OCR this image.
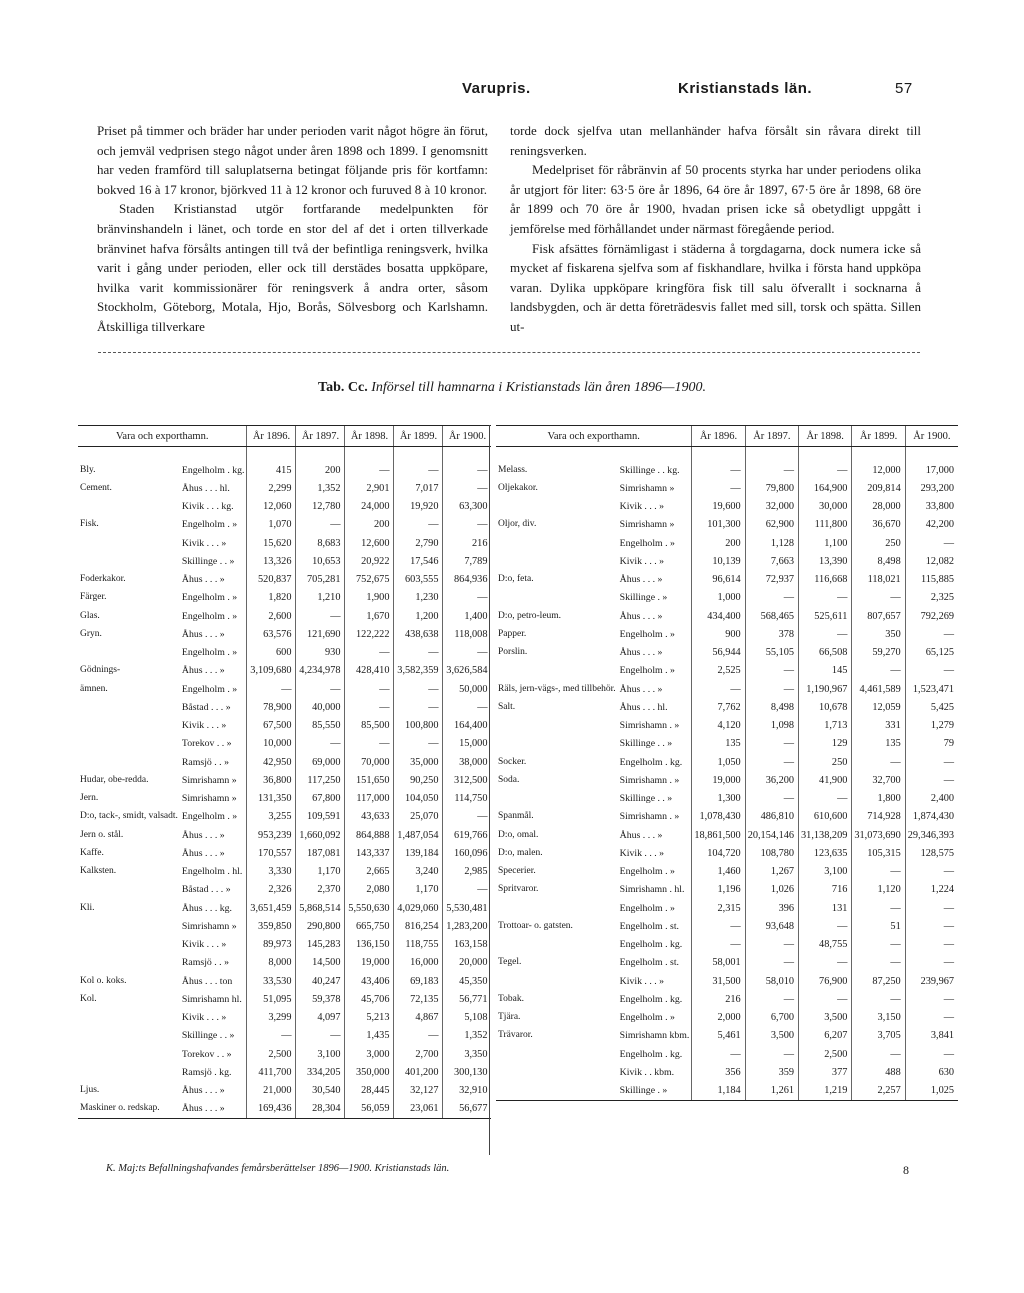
Varupris.	Kristianstads län.	57

Priset på timmer och bräder har under perioden varit något högre än förut, och jemväl vedprisen stego något under åren 1898 och 1899. I genomsnitt har veden framförd till saluplatserna betingat följande pris för kortfamn: bokved 16 à 17 kronor, björkved 11 à 12 kronor och furuved 8 à 10 kronor.

Staden Kristianstad utgör fortfarande medelpunkten för bränvinshandeln i länet, och torde en stor del af det i orten tillverkade bränvinet hafva försålts antingen till två der befintliga reningsverk, hvilka varit i gång under perioden, eller ock till derstädes bosatta uppköpare, hvilka varit kommissionärer för reningsverk å andra orter, såsom Stockholm, Göteborg, Motala, Hjo, Borås, Sölvesborg och Karlshamn. Åtskilliga tillverkare

torde dock sjelfva utan mellanhänder hafva försålt sin råvara direkt till reningsverken.

Medelpriset för råbränvin af 50 procents styrka har under periodens olika år utgjort för liter: 63·5 öre år 1896, 64 öre år 1897, 67·5 öre år 1898, 68 öre år 1899 och 70 öre år 1900, hvadan prisen icke så obetydligt uppgått i jemförelse med förhållandet under närmast föregående period.

Fisk afsättes förnämligast i städerna å torgdagarna, dock numera icke så mycket af fiskarena sjelfva som af fiskhandlare, hvilka i första hand uppköpa varan. Dylika uppköpare kringföra fisk till salu öfverallt i socknarna å landsbygden, och är detta företrädesvis fallet med sill, torsk och spätta. Sillen ut-

Tab. Cc. Införsel till hamnarna i Kristianstads län åren 1896—1900.
Vara och exporthamn.		År 1896.	År 1897.	År 1898.	År 1899.	År 1900.

Bly.	Engelholm . kg.	415	200	—	—	—
Cement.	Åhus . . . hl.	2,299	1,352	2,901	7,017	—
	Kivik . . . kg.	12,060	12,780	24,000	19,920	63,300
Fisk.	Engelholm . »	1,070	—	200	—	—
	Kivik . . . »	15,620	8,683	12,600	2,790	216
	Skillinge . . »	13,326	10,653	20,922	17,546	7,789
Foderkakor.	Åhus . . . »	520,837	705,281	752,675	603,555	864,936
Färger.	Engelholm . »	1,820	1,210	1,900	1,230	—
Glas.	Engelholm . »	2,600	—	1,670	1,200	1,400
Gryn.	Åhus . . . »	63,576	121,690	122,222	438,638	118,008
	Engelholm . »	600	930	—	—	—
Gödnings-	Åhus . . . »	3,109,680	4,234,978	428,410	3,582,359	3,626,584
ämnen.	Engelholm . »	—	—	—	—	50,000
	Båstad . . . »	78,900	40,000	—	—	—
	Kivik . . . »	67,500	85,550	85,500	100,800	164,400
	Torekov . . »	10,000	—	—	—	15,000
	Ramsjö . . »	42,950	69,000	70,000	35,000	38,000
Hudar, obe-redda.	Simrishamn »	36,800	117,250	151,650	90,250	312,500
Jern.	Simrishamn »	131,350	67,800	117,000	104,050	114,750
D:o, tack-, smidt, valsadt.	Engelholm . »	3,255	109,591	43,633	25,070	—
Jern o. stål.	Åhus . . . »	953,239	1,660,092	864,888	1,487,054	619,766
Kaffe.	Åhus . . . »	170,557	187,081	143,337	139,184	160,096
Kalksten.	Engelholm . hl.	3,330	1,170	2,665	3,240	2,985
	Båstad . . . »	2,326	2,370	2,080	1,170	—
Kli.	Åhus . . . kg.	3,651,459	5,868,514	5,550,630	4,029,060	5,530,481
	Simrishamn »	359,850	290,800	665,750	816,254	1,283,200
	Kivik . . . »	89,973	145,283	136,150	118,755	163,158
	Ramsjö . . »	8,000	14,500	19,000	16,000	20,000
Kol o. koks.	Åhus . . . ton	33,530	40,247	43,406	69,183	45,350
Kol.	Simrishamn hl.	51,095	59,378	45,706	72,135	56,771
	Kivik . . . »	3,299	4,097	5,213	4,867	5,108
	Skillinge . . »	—	—	1,435	—	1,352
	Torekov . . »	2,500	3,100	3,000	2,700	3,350
	Ramsjö . kg.	411,700	334,205	350,000	401,200	300,130
Ljus.	Åhus . . . »	21,000	30,540	28,445	32,127	32,910
Maskiner o. redskap.	Åhus . . . »	169,436	28,304	56,059	23,061	56,677
Vara och exporthamn.		År 1896.	År 1897.	År 1898.	År 1899.	År 1900.

Melass.	Skillinge . . kg.	—	—	—	12,000	17,000
Oljekakor.	Simrishamn »	—	79,800	164,900	209,814	293,200
	Kivik . . . »	19,600	32,000	30,000	28,000	33,800
Oljor, div.	Simrishamn »	101,300	62,900	111,800	36,670	42,200
	Engelholm . »	200	1,128	1,100	250	—
	Kivik . . . »	10,139	7,663	13,390	8,498	12,082
D:o, feta.	Åhus . . . »	96,614	72,937	116,668	118,021	115,885
	Skillinge . »	1,000	—	—	—	2,325
D:o, petro-leum.	Åhus . . . »	434,400	568,465	525,611	807,657	792,269
Papper.	Engelholm . »	900	378	—	350	—
Porslin.	Åhus . . . »	56,944	55,105	66,508	59,270	65,125
	Engelholm . »	2,525	—	145	—	—
Räls, jern-vägs-, med tillbehör.	Åhus . . . »	—	—	1,190,967	4,461,589	1,523,471
Salt.	Åhus . . . hl.	7,762	8,498	10,678	12,059	5,425
	Simrishamn . »	4,120	1,098	1,713	331	1,279
	Skillinge . . »	135	—	129	135	79
Socker.	Engelholm . kg.	1,050	—	250	—	—
Soda.	Simrishamn . »	19,000	36,200	41,900	32,700	—
	Skillinge . . »	1,300	—	—	1,800	2,400
Spanmål.	Simrishamn . »	1,078,430	486,810	610,600	714,928	1,874,430
D:o, omal.	Åhus . . . »	18,861,500	20,154,146	31,138,209	31,073,690	29,346,393
D:o, malen.	Kivik . . . »	104,720	108,780	123,635	105,315	128,575
Specerier.	Engelholm . »	1,460	1,267	3,100	—	—
Spritvaror.	Simrishamn . hl.	1,196	1,026	716	1,120	1,224
	Engelholm . »	2,315	396	131	—	—
Trottoar- o. gatsten.	Engelholm . st.	—	93,648	—	51	—
	Engelholm . kg.	—	—	48,755	—	—
Tegel.	Engelholm . st.	58,001	—	—	—	—
	Kivik . . . »	31,500	58,010	76,900	87,250	239,967
Tobak.	Engelholm . kg.	216	—	—	—	—
Tjära.	Engelholm . »	2,000	6,700	3,500	3,150	—
Trävaror.	Simrishamn kbm.	5,461	3,500	6,207	3,705	3,841
	Engelholm . kg.	—	—	2,500	—	—
	Kivik . . kbm.	356	359	377	488	630
	Skillinge . »	1,184	1,261	1,219	2,257	1,025
K. Maj:ts Befallningshafvandes femårsberättelser 1896—1900. Kristianstads län.	8
